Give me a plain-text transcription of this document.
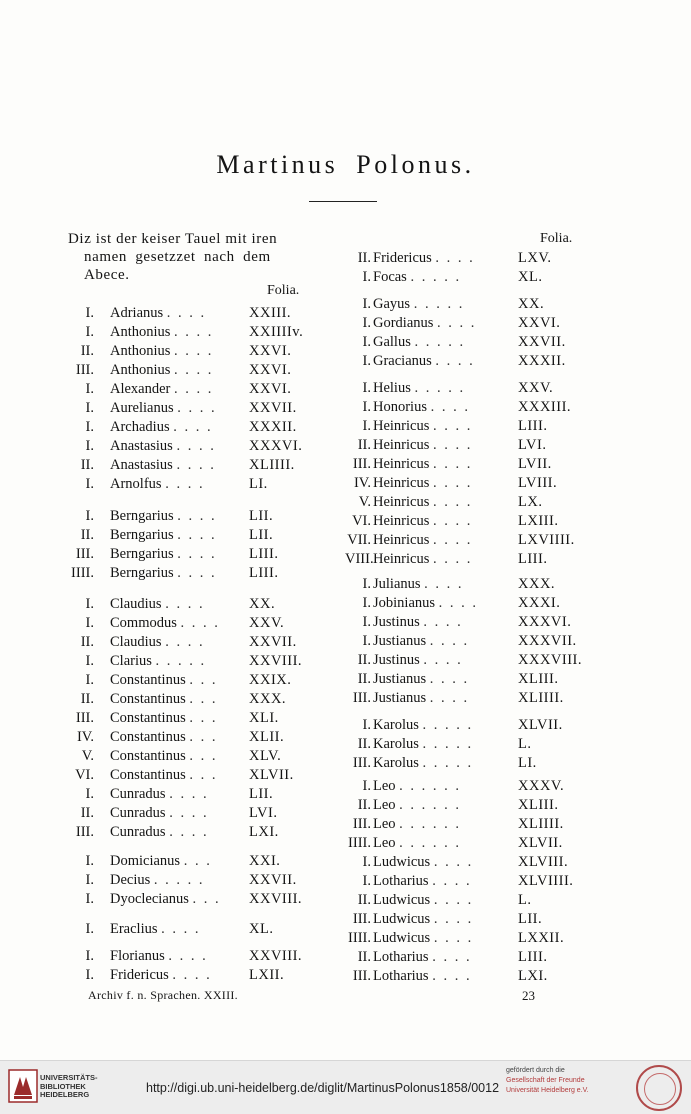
Martinus Polonus.
Diz ist der keiser Tauel mit iren
namen gesetzzet nach dem
Abece.
Folia.
Folia.
I. Adrianus . . . .	XXIII.
I. Anthonius . . . . XXIIIIv.
II. Anthonius . . . . XXVI.
III. Anthonius . . . . XXVI.
I. Alexander . . . . XXVI.
I. Aurelianus . . . . XXVII.
I. Archadius . . . .	XXXII.
I. Anastasius . . . . XXXVI.
II. Anastasius . . . . XLIIII.
I. Arnolfus . . . .	LI.
I. Berngarius . . . . LII.
II. Berngarius . . . . LII.
III. Berngarius . . . . LIII.
IIII. Berngarius . . . . LIII.
I. Claudius . . . .	XX.
I. Commodus . . . . XXV.
II. Claudius . . . .	XXVII.
I. Clarius . . . . .	XXVIII.
I. Constantinus . . . XXIX.
II. Constantinus . . . XXX.
III. Constantinus . . . XLI.
IV. Constantinus . . . XLII.
V. Constantinus . . . XLV.
VI. Constantinus . . . XLVII.
I. Cunradus . . . .	LII.
II. Cunradus . . . .	LVI.
III. Cunradus . . . .	LXI.
I. Domicianus . . .	XXI.
I. Decius . . . . .	XXVII.
I. Dyoclecianus . . . XXVIII.
I. Eraclius . . . .	XL.
I. Florianus . . . .	XXVIII.
I. Fridericus . . . .	LXII.
II. Fridericus . . . .	LXV.
I. Focas . . . . .	XL.
I. Gayus . . . . .	XX.
I. Gordianus . . . .	XXVI.
I. Gallus . . . . .	XXVII.
I. Gracianus . . . .	XXXII.
I. Helius . . . . .	XXV.
I. Honorius . . . .	XXXIII.
I. Heinricus . . . .	LIII.
II. Heinricus . . . .	LVI.
III. Heinricus . . . .	LVII.
IV. Heinricus . . . .	LVIII.
V. Heinricus . . . .	LX.
VI. Heinricus . . . .	LXIII.
VII. Heinricus . . . .	LXVIIII.
VIII. Heinricus . . . .	LIII.
I. Julianus . . . .	XXX.
I. Jobinianus . . . .	XXXI.
I. Justinus . . . .	XXXVI.
I. Justianus . . . .	XXXVII.
II. Justinus . . . .	XXXVIII.
II. Justianus . . . .	XLIII.
III. Justianus . . . .	XLIIII.
I. Karolus . . . . .	XLVII.
II. Karolus . . . . .	L.
III. Karolus . . . . .	LI.
I. Leo . . . . . .	XXXV.
II. Leo . . . . . .	XLIII.
III. Leo . . . . . .	XLIIII.
IIII. Leo . . . . . .	XLVII.
I. Ludwicus . . . .	XLVIII.
I. Lotharius . . . .	XLVIIII.
II. Ludwicus . . . .	L.
III. Ludwicus . . . .	LII.
IIII. Ludwicus . . . .	LXXII.
II. Lotharius . . . .	LIII.
III. Lotharius . . . .	LXI.
Archiv f. n. Sprachen. XXIII.	23
UNIVERSITÄTS-
BIBLIOTHEK
HEIDELBERG	http://digi.ub.uni-heidelberg.de/diglit/MartinusPolonus1858/0012
gefördert durch die
Gesellschaft der Freunde
Universität Heidelberg e.V.
